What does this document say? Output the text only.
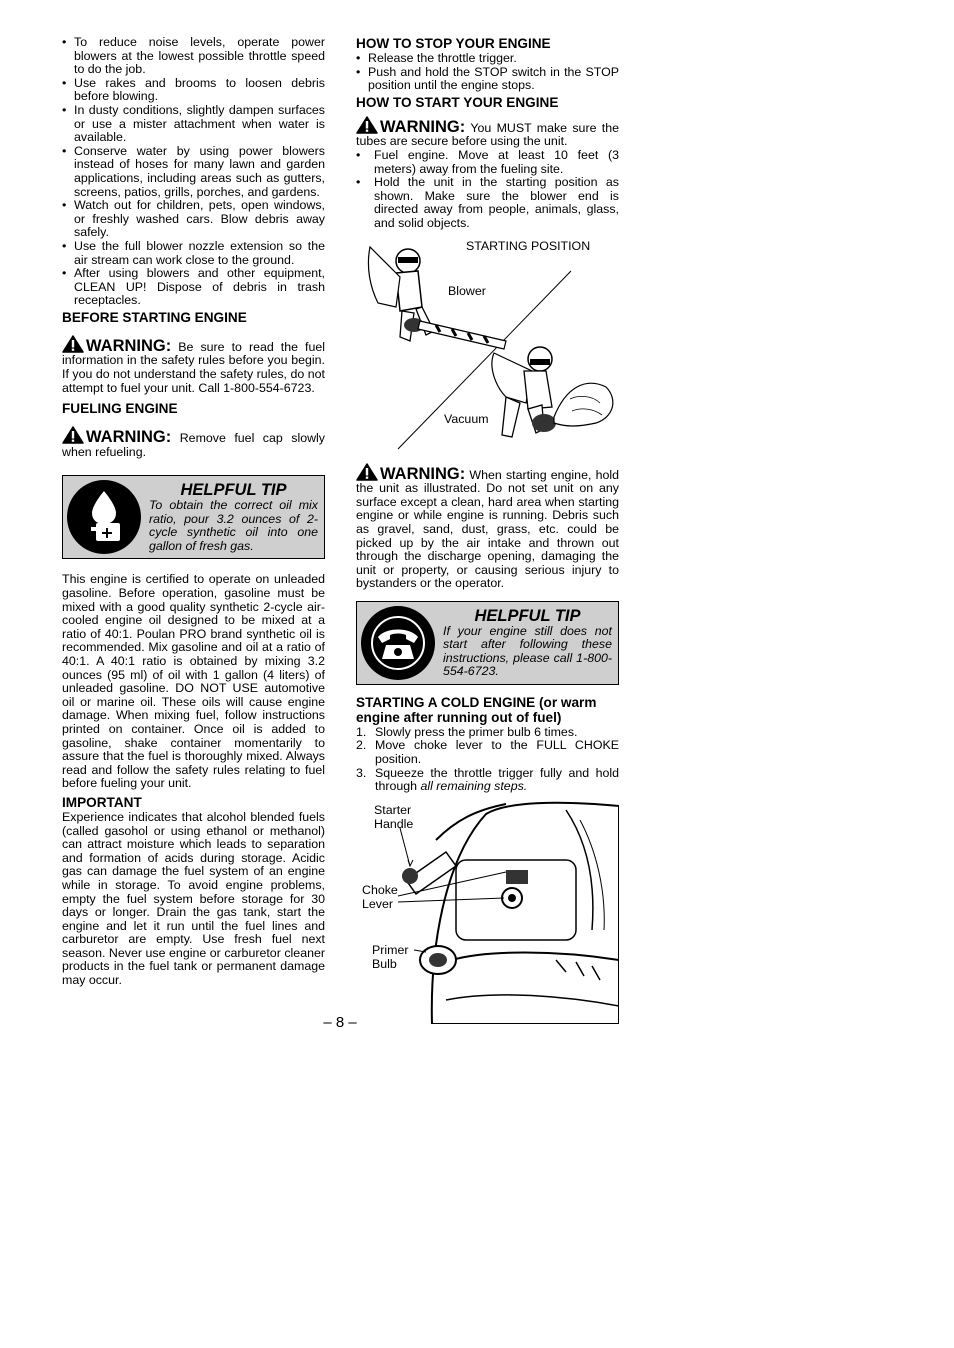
• To reduce noise levels, operate power blowers at the lowest possible throttle speed to do the job.
• Use rakes and brooms to loosen debris before blowing.
• In dusty conditions, slightly dampen surfaces or use a mister attachment when water is available.
• Conserve water by using power blowers instead of hoses for many lawn and garden applications, including areas such as gutters, screens, patios, grills, porches, and gardens.
• Watch out for children, pets, open windows, or freshly washed cars. Blow debris away safely.
• Use the full blower nozzle extension so the air stream can work close to the ground.
• After using blowers and other equipment, CLEAN UP! Dispose of debris in trash receptacles.
BEFORE STARTING ENGINE

WARNING: Be sure to read the fuel information in the safety rules before you begin. If you do not understand the safety rules, do not attempt to fuel your unit. Call 1-800-554-6723.

FUELING ENGINE

WARNING: Remove fuel cap slowly when refueling.

HELPFUL TIP
To obtain the correct oil mix ratio, pour 3.2 ounces of 2-cycle synthetic oil into one gallon of fresh gas.

This engine is certified to operate on unleaded gasoline. Before operation, gasoline must be mixed with a good quality synthetic 2-cycle air-cooled engine oil designed to be mixed at a ratio of 40:1. Poulan PRO brand synthetic oil is recommended. Mix gasoline and oil at a ratio of 40:1. A 40:1 ratio is obtained by mixing 3.2 ounces (95 ml) of oil with 1 gallon (4 liters) of unleaded gasoline. DO NOT USE automotive oil or marine oil. These oils will cause engine damage. When mixing fuel, follow instructions printed on container. Once oil is added to gasoline, shake container momentarily to assure that the fuel is thoroughly mixed. Always read and follow the safety rules relating to fuel before fueling your unit.

IMPORTANT

Experience indicates that alcohol blended fuels (called gasohol or using ethanol or methanol) can attract moisture which leads to separation and formation of acids during storage. Acidic gas can damage the fuel system of an engine while in storage. To avoid engine problems, empty the fuel system before storage for 30 days or longer. Drain the gas tank, start the engine and let it run until the fuel lines and carburetor are empty. Use fresh fuel next season. Never use engine or carburetor cleaner products in the fuel tank or permanent damage may occur.

HOW TO STOP YOUR ENGINE
• Release the throttle trigger.
• Push and hold the STOP switch in the STOP position until the engine stops.
HOW TO START YOUR ENGINE

WARNING: You MUST make sure the tubes are secure before using the unit.

• Fuel engine. Move at least 10 feet (3 meters) away from the fueling site.
• Hold the unit in the starting position as shown. Make sure the blower end is directed away from people, animals, glass, and solid objects.
STARTING POSITION
Blower
Vacuum

WARNING: When starting engine, hold the unit as illustrated. Do not set unit on any surface except a clean, hard area when starting engine or while engine is running. Debris such as gravel, sand, dust, grass, etc. could be picked up by the air intake and thrown out through the discharge opening, damaging the unit or property, or causing serious injury to bystanders or the operator.

HELPFUL TIP
If your engine still does not start after following these instructions, please call 1-800-554-6723.
STARTING A COLD ENGINE (or warm engine after running out of fuel)
1. Slowly press the primer bulb 6 times.
2. Move choke lever to the FULL CHOKE position.
3. Squeeze the throttle trigger fully and hold through all remaining steps.
Starter
Handle
Choke
Lever
Primer
Bulb
– 8 –
